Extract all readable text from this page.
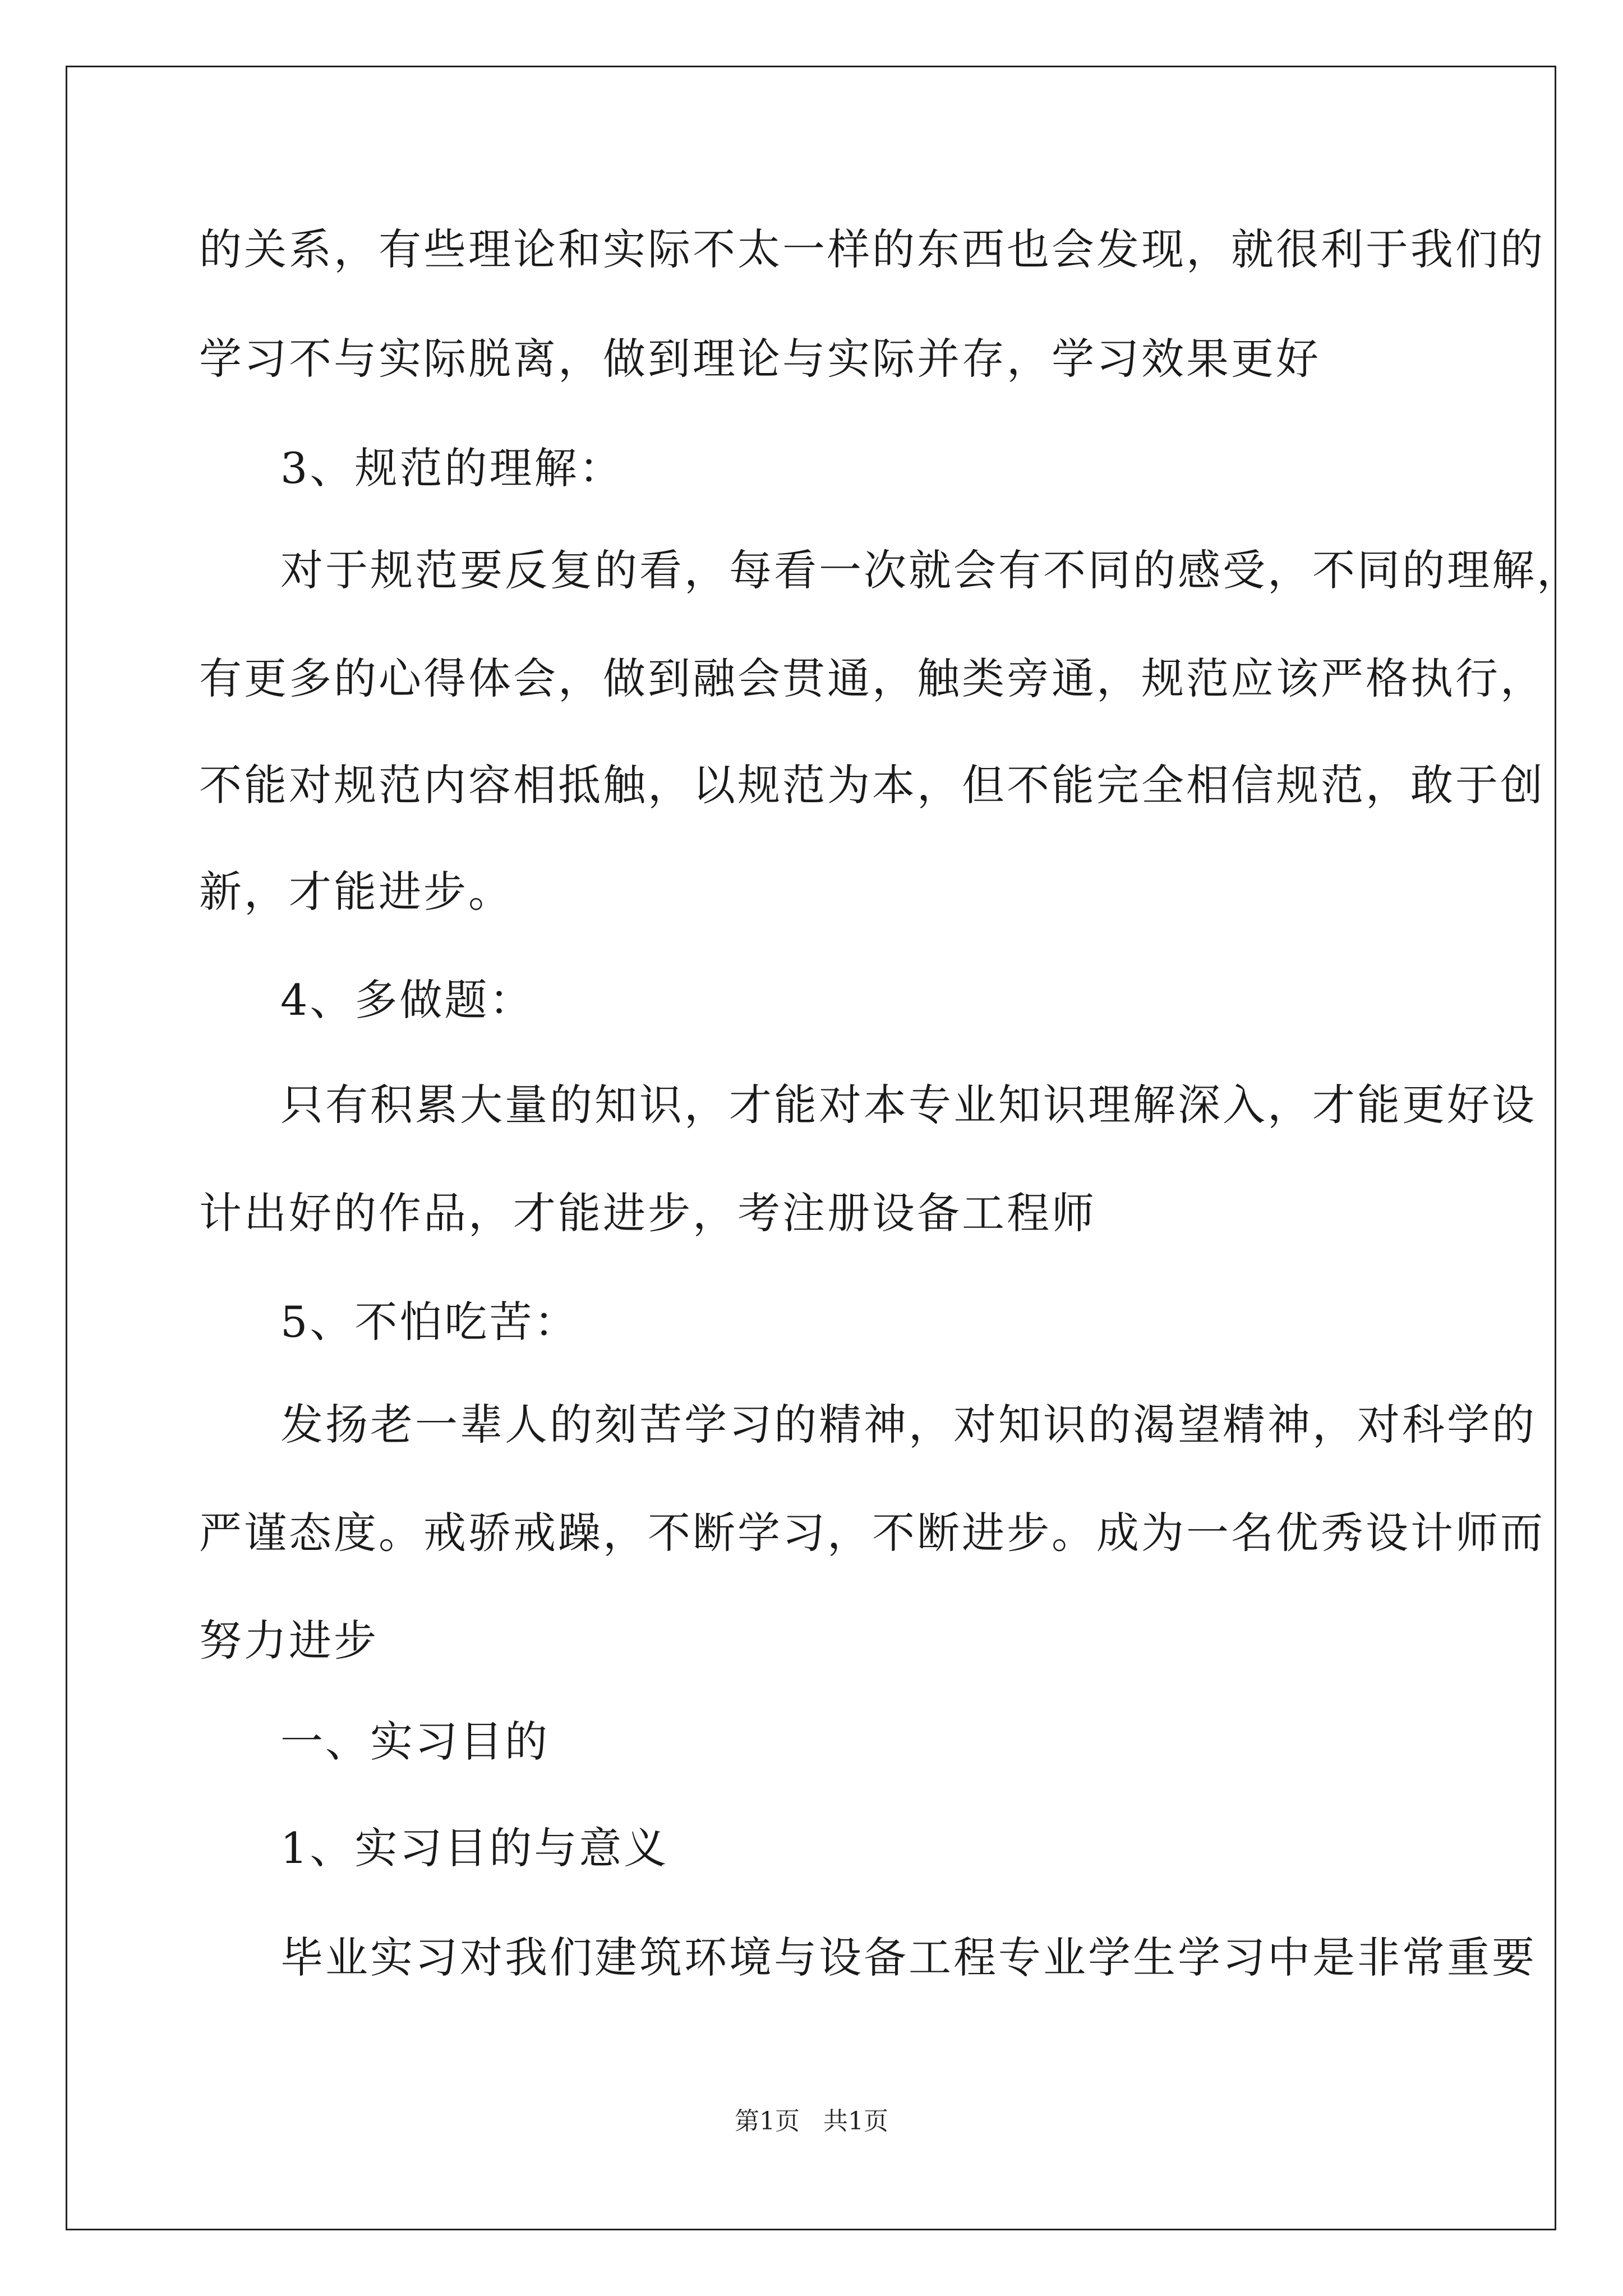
的关系，有些理论和实际不太一样的东西也会发现，就很利于我们的
学习不与实际脱离，做到理论与实际并存，学习效果更好
3、规范的理解：
对于规范要反复的看，每看一次就会有不同的感受，不同的理解，
有更多的心得体会，做到融会贯通，触类旁通，规范应该严格执行，
不能对规范内容相抵触，以规范为本，但不能完全相信规范，敢于创
新，才能进步。
4、多做题：
只有积累大量的知识，才能对本专业知识理解深入，才能更好设
计出好的作品，才能进步，考注册设备工程师
5、不怕吃苦：
发扬老一辈人的刻苦学习的精神，对知识的渴望精神，对科学的
严谨态度。戒骄戒躁，不断学习，不断进步。成为一名优秀设计师而
努力进步
一、实习目的
1、实习目的与意义
毕业实习对我们建筑环境与设备工程专业学生学习中是非常重要
第1页   共1页
